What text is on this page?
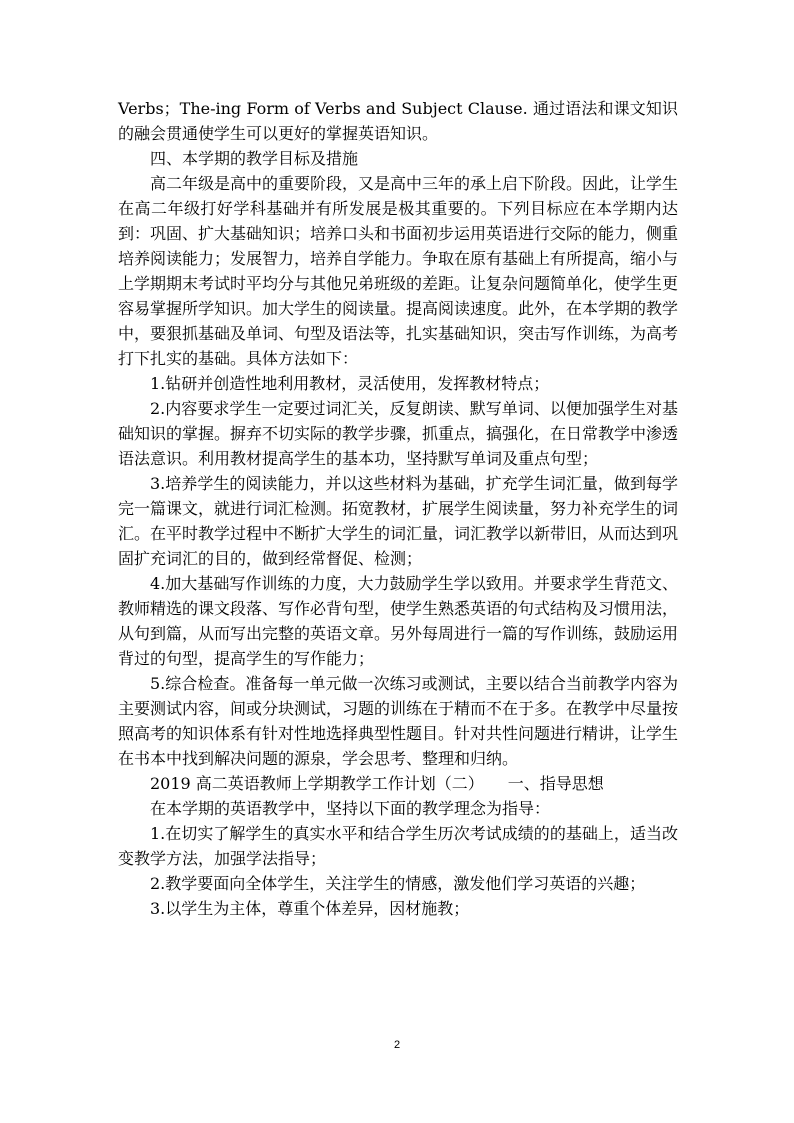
Verbs；The-ing Form of Verbs and Subject Clause. 通过语法和课文知识的融会贯通使学生可以更好的掌握英语知识。

四、本学期的教学目标及措施

高二年级是高中的重要阶段，又是高中三年的承上启下阶段。因此，让学生在高二年级打好学科基础并有所发展是极其重要的。下列目标应在本学期内达到：巩固、扩大基础知识；培养口头和书面初步运用英语进行交际的能力，侧重培养阅读能力；发展智力，培养自学能力。争取在原有基础上有所提高，缩小与上学期期末考试时平均分与其他兄弟班级的差距。让复杂问题简单化，使学生更容易掌握所学知识。加大学生的阅读量。提高阅读速度。此外，在本学期的教学中，要狠抓基础及单词、句型及语法等，扎实基础知识，突击写作训练，为高考打下扎实的基础。具体方法如下：

1.钻研并创造性地利用教材，灵活使用，发挥教材特点；

2.内容要求学生一定要过词汇关，反复朗读、默写单词、以便加强学生对基础知识的掌握。摒弃不切实际的教学步骤，抓重点，搞强化，在日常教学中渗透语法意识。利用教材提高学生的基本功，坚持默写单词及重点句型；

3.培养学生的阅读能力，并以这些材料为基础，扩充学生词汇量，做到每学完一篇课文，就进行词汇检测。拓宽教材，扩展学生阅读量，努力补充学生的词汇。在平时教学过程中不断扩大学生的词汇量，词汇教学以新带旧，从而达到巩固扩充词汇的目的，做到经常督促、检测；

4.加大基础写作训练的力度，大力鼓励学生学以致用。并要求学生背范文、教师精选的课文段落、写作必背句型，使学生熟悉英语的句式结构及习惯用法，从句到篇，从而写出完整的英语文章。另外每周进行一篇的写作训练，鼓励运用背过的句型，提高学生的写作能力；

5.综合检查。准备每一单元做一次练习或测试，主要以结合当前教学内容为主要测试内容，间或分块测试，习题的训练在于精而不在于多。在教学中尽量按照高考的知识体系有针对性地选择典型性题目。针对共性问题进行精讲，让学生在书本中找到解决问题的源泉，学会思考、整理和归纳。

2019 高二英语教师上学期教学工作计划（二）　　一、指导思想

在本学期的英语教学中，坚持以下面的教学理念为指导：

1.在切实了解学生的真实水平和结合学生历次考试成绩的的基础上，适当改变教学方法，加强学法指导；

2.教学要面向全体学生，关注学生的情感，激发他们学习英语的兴趣；

3.以学生为主体，尊重个体差异，因材施教；

2
